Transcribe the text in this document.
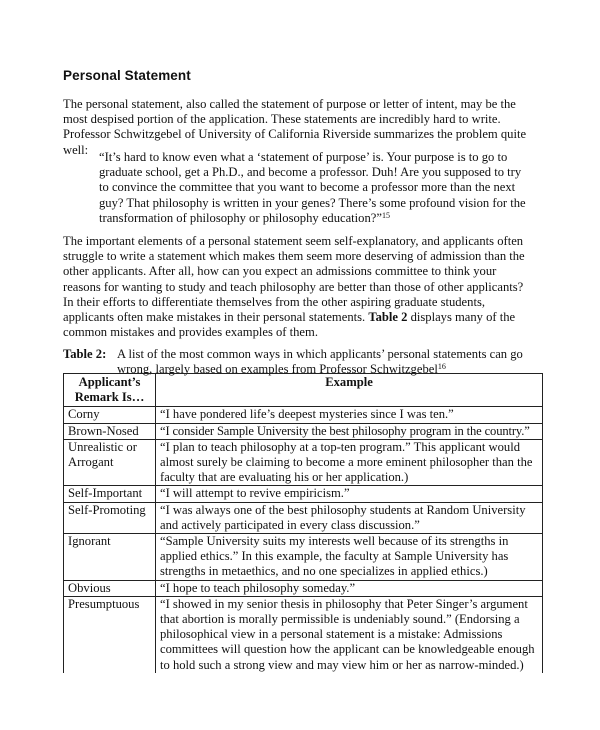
Personal Statement

The personal statement, also called the statement of purpose or letter of intent, may be the most despised portion of the application. These statements are incredibly hard to write. Professor Schwitzgebel of University of California Riverside summarizes the problem quite well:

“It’s hard to know even what a ‘statement of purpose’ is. Your purpose is to go to graduate school, get a Ph.D., and become a professor. Duh! Are you supposed to try to convince the committee that you want to become a professor more than the next guy? That philosophy is written in your genes? There’s some profound vision for the transformation of philosophy or philosophy education?”$^{15}$

The important elements of a personal statement seem self-explanatory, and applicants often struggle to write a statement which makes them seem more deserving of admission than the other applicants. After all, how can you expect an admissions committee to think your reasons for wanting to study and teach philosophy are better than those of other applicants? In their efforts to differentiate themselves from the other aspiring graduate students, applicants often make mistakes in their personal statements. Table 2 displays many of the common mistakes and provides examples of them.

Table 2: A list of the most common ways in which applicants’ personal statements can go wrong, largely based on examples from Professor Schwitzgebel$^{16}$
Applicant’s Remark Is…	Example
Corny	“I have pondered life’s deepest mysteries since I was ten.”
Brown-Nosed	“I consider Sample University the best philosophy program in the country.”
Unrealistic or Arrogant	“I plan to teach philosophy at a top-ten program.” This applicant would almost surely be claiming to become a more eminent philosopher than the faculty that are evaluating his or her application.)
Self-Important	“I will attempt to revive empiricism.”
Self-Promoting	“I was always one of the best philosophy students at Random University and actively participated in every class discussion.”
Ignorant	“Sample University suits my interests well because of its strengths in applied ethics.” In this example, the faculty at Sample University has strengths in metaethics, and no one specializes in applied ethics.)
Obvious	“I hope to teach philosophy someday.”
Presumptuous	“I showed in my senior thesis in philosophy that Peter Singer’s argument that abortion is morally permissible is undeniably sound.” (Endorsing a philosophical view in a personal statement is a mistake: Admissions committees will question how the applicant can be knowledgeable enough to hold such a strong view and may view him or her as narrow-minded.)
